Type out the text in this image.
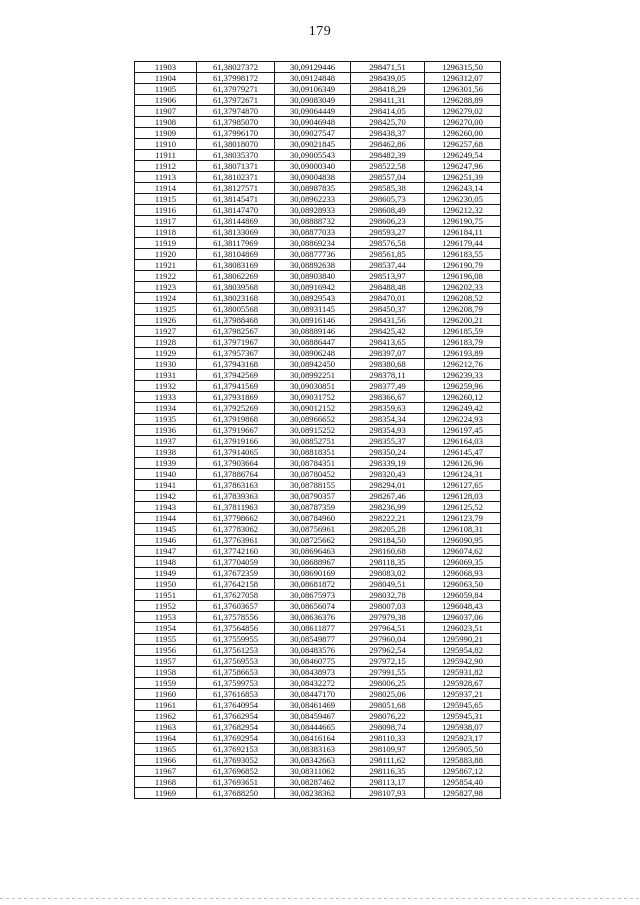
179
11903	61,38027372	30,09129446	298471,51	1296315,50
11904	61,37998172	30,09124848	298439,05	1296312,07
11905	61,37979271	30,09106349	298418,29	1296301,56
11906	61,37972671	30,09083049	298411,31	1296288,89
11907	61,37974870	30,09064449	298414,05	1296279,02
11908	61,37985070	30,09046948	298425,70	1296270,00
11909	61,37996170	30,09027547	298438,37	1296260,00
11910	61,38018070	30,09021845	298462,86	1296257,68
11911	61,38035370	30,09005543	298482,39	1296249,54
11912	61,38071371	30,09000340	298522,58	1296247,96
11913	61,38102371	30,09004838	298557,04	1296251,39
11914	61,38127571	30,08987835	298585,38	1296243,14
11915	61,38145471	30,08962233	298605,73	1296230,05
11916	61,38147470	30,08928933	298608,49	1296212,32
11917	61,38144869	30,08888732	298606,23	1296190,75
11918	61,38133069	30,08877033	298593,27	1296184,11
11919	61,38117969	30,08869234	298576,58	1296179,44
11920	61,38104869	30,08877736	298561,85	1296183,55
11921	61,38083169	30,08892638	298537,44	1296190,79
11922	61,38062269	30,08903840	298513,97	1296196,08
11923	61,38039568	30,08916942	298488,48	1296202,33
11924	61,38023168	30,08929543	298470,01	1296208,52
11925	61,38005568	30,08931145	298450,37	1296208,79
11926	61,37988468	30,08916146	298431,56	1296200,21
11927	61,37982567	30,08889146	298425,42	1296185,59
11928	61,37971967	30,08886447	298413,65	1296183,79
11929	61,37957367	30,08906248	298397,07	1296193,89
11930	61,37943168	30,08942450	298380,68	1296212,76
11931	61,37942569	30,08992251	298378,11	1296239,33
11932	61,37941569	30,09030851	298377,49	1296259,96
11933	61,37931869	30,09031752	298366,67	1296260,12
11934	61,37925269	30,09012152	298359,63	1296249,42
11935	61,37919868	30,08966652	298354,34	1296224,93
11936	61,37919667	30,08915252	298354,93	1296197,45
11937	61,37919166	30,08852751	298355,37	1296164,03
11938	61,37914065	30,08818351	298350,24	1296145,47
11939	61,37903664	30,08784351	298339,19	1296126,96
11940	61,37886764	30,08780452	298320,43	1296124,31
11941	61,37863163	30,08788155	298294,01	1296127,65
11942	61,37839363	30,08790357	298267,46	1296128,03
11943	61,37811963	30,08787359	298236,99	1296125,52
11944	61,37798662	30,08784960	298222,21	1296123,79
11945	61,37783062	30,08756961	298205,28	1296108,31
11946	61,37763961	30,08725662	298184,50	1296090,95
11947	61,37742160	30,08696463	298160,68	1296074,62
11948	61,37704059	30,08688967	298118,35	1296069,35
11949	61,37672359	30,08690169	298083,02	1296068,93
11950	61,37642158	30,08681872	298049,51	1296063,50
11951	61,37627058	30,08675973	298032,78	1296059,84
11952	61,37603657	30,08656074	298007,03	1296048,43
11953	61,37578556	30,08636376	297979,38	1296037,06
11954	61,37564856	30,08611877	297964,51	1296023,51
11955	61,37559955	30,08549877	297960,04	1295990,21
11956	61,37561253	30,08483576	297962,54	1295954,82
11957	61,37569553	30,08460775	297972,15	1295942,90
11958	61,37586653	30,08438973	297991,55	1295931,82
11959	61,37599753	30,08432272	298006,25	1295928,67
11960	61,37616853	30,08447170	298025,06	1295937,21
11961	61,37640954	30,08461469	298051,68	1295945,65
11962	61,37662954	30,08459467	298076,22	1295945,31
11963	61,37682954	30,08444665	298098,74	1295938,07
11964	61,37692954	30,08416164	298110,33	1295923,17
11965	61,37692153	30,08383163	298109,97	1295905,50
11966	61,37693052	30,08342663	298111,62	1295883,88
11967	61,37696852	30,08311062	298116,35	1295867,12
11968	61,37693651	30,08287462	298113,17	1295854,40
11969	61,37688250	30,08238362	298107,93	1295827,98
